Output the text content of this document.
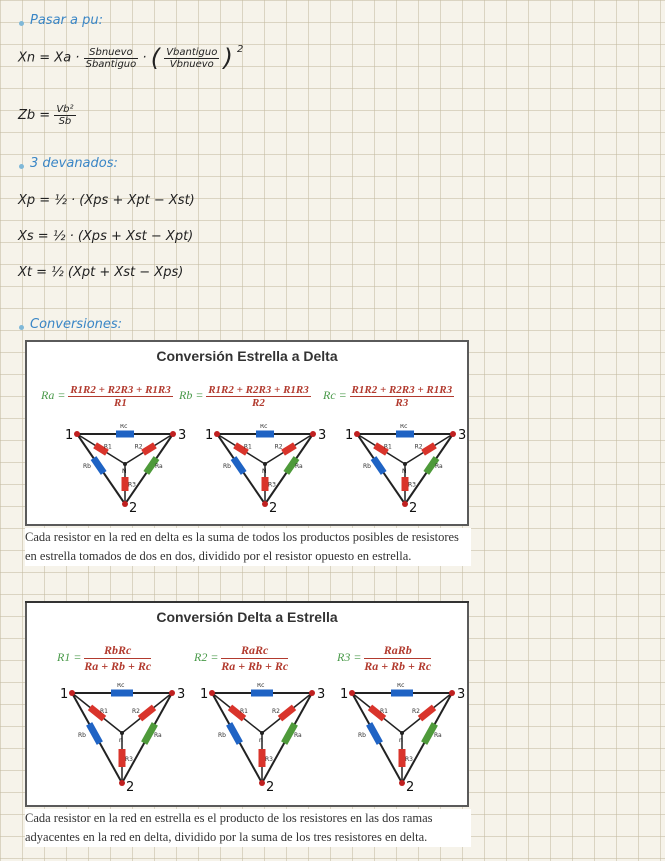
Pasar a pu:
$Xn = Xa \cdot \frac{\text{Sbnuevo}}{\text{Sbantiguo}}$ · ( $\frac{\text{Vbantiguo}}{\text{Vbnuevo}}$ ) $^2$
$Zb = \frac{\text{Vb²}}{Sb}$
3 devanados:
Xp = ½ · (Xps + Xpt − Xst)
Xs = ½ · (Xps + Xst − Xpt)
Xt = ½ (Xpt + Xst − Xps)
Conversiones:
Conversión Estrella a Delta
$Ra = \frac{R1R2 + R2R3 + R1R3}{R1}$ $Rb = \frac{R1R2 + R2R3 + R1R3}{R2}$ $Rc = \frac{R1R2 + R2R3 + R1R3}{R3}$
1	3
2
N
Rc
Rb	Ra
R1	R2
R3
1	3
2
N
Rc
Rb	Ra
R1	R2
R3
1	3
2
N
Rc
Rb	Ra
R1	R2
R3
Cada resistor en la red en delta es la suma de todos los productos posibles de resistores en estrella tomados de dos en dos, dividido por el resistor opuesto en estrella.
Conversión Delta a Estrella
R1 =
RbRc
Ra + Rb + Rc
R2 =
RaRc
Ra + Rb + Rc
R3 =
RaRb
Ra + Rb + Rc
1	3
2
n
Rc
Rb	Ra
R1	R2
R3
1	3
2
n
Rc
Rb	Ra
R1	R2
R3
1	3
2
n
Rc
Rb	Ra
R1	R2
R3
Cada resistor en la red en estrella es el producto de los resistores en las dos ramas adyacentes en la red en delta, dividido por la suma de los tres resistores en delta.
